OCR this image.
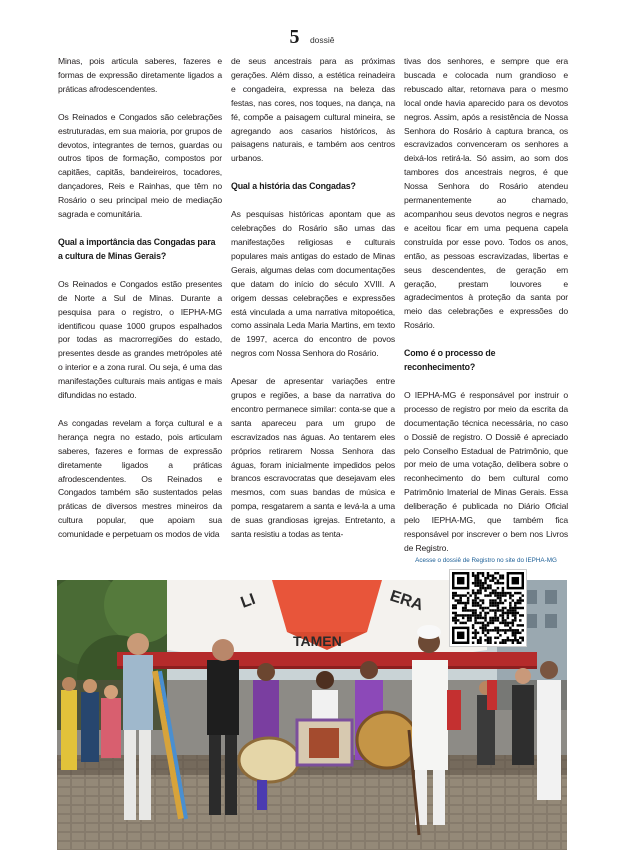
5 dossiê

Minas, pois articula saberes, fazeres e formas de expressão diretamente ligados a práticas afrodescendentes.

Os Reinados e Congados são celebrações estruturadas, em sua maioria, por grupos de devotos, integrantes de ternos, guardas ou outros tipos de formação, compostos por capitães, capitãs, bandeireiros, tocadores, dançadores, Reis e Rainhas, que têm no Rosário o seu principal meio de mediação sagrada e comunitária.

Qual a importância das Congadas para a cultura de Minas Gerais?

Os Reinados e Congados estão presentes de Norte a Sul de Minas. Durante a pesquisa para o registro, o IEPHA-MG identificou quase 1000 grupos espalhados por todas as macrorregiões do estado, presentes desde as grandes metrópoles até o interior e a zona rural. Ou seja, é uma das manifestações culturais mais antigas e mais difundidas no estado.

As congadas revelam a força cultural e a herança negra no estado, pois articulam saberes, fazeres e formas de expressão diretamente ligados a práticas afrodescendentes. Os Reinados e Congados também são sustentados pelas práticas de diversos mestres mineiros da cultura popular, que apoiam sua comunidade e perpetuam os modos de vida

de seus ancestrais para as próximas gerações. Além disso, a estética reinadeira e congadeira, expressa na beleza das festas, nas cores, nos toques, na dança, na fé, compõe a paisagem cultural mineira, se agregando aos casarios históricos, às paisagens naturais, e também aos centros urbanos.

Qual a história das Congadas?

As pesquisas históricas apontam que as celebrações do Rosário são umas das manifestações religiosas e culturais populares mais antigas do estado de Minas Gerais, algumas delas com documentações que datam do início do século XVIII. A origem dessas celebrações e expressões está vinculada a uma narrativa mitopoética, como assinala Leda Maria Martins, em texto de 1997, acerca do encontro de povos negros com Nossa Senhora do Rosário.

Apesar de apresentar variações entre grupos e regiões, a base da narrativa do encontro permanece similar: conta-se que a santa apareceu para um grupo de escravizados nas águas. Ao tentarem eles próprios retirarem Nossa Senhora das águas, foram inicialmente impedidos pelos brancos escravocratas que desejavam eles mesmos, com suas bandas de música e pompa, resgatarem a santa e levá-la a uma de suas grandiosas igrejas. Entretanto, a santa resistiu a todas as tenta-

tivas dos senhores, e sempre que era buscada e colocada num grandioso e rebuscado altar, retornava para o mesmo local onde havia aparecido para os devotos negros. Assim, após a resistência de Nossa Senhora do Rosário à captura branca, os escravizados convenceram os senhores a deixá-los retirá-la. Só assim, ao som dos tambores dos ancestrais negros, é que Nossa Senhora do Rosário atendeu permanentemente ao chamado, acompanhou seus devotos negros e negras e aceitou ficar em uma pequena capela construída por esse povo. Todos os anos, então, as pessoas escravizadas, libertas e seus descendentes, de geração em geração, prestam louvores e agradecimentos à proteção da santa por meio das celebrações e expressões do Rosário.

Como é o processo de reconhecimento?

O IEPHA-MG é responsável por instruir o processo de registro por meio da escrita da documentação técnica necessária, no caso o Dossiê de registro. O Dossiê é apreciado pelo Conselho Estadual de Patrimônio, que por meio de uma votação, delibera sobre o reconhecimento do bem cultural como Patrimônio Imaterial de Minas Gerais. Essa deliberação é publicada no Diário Oficial pelo IEPHA-MG, que também fica responsável por inscrever o bem nos Livros de Registro.

Acesse o dossiê de Registro no site do IEPHA-MG
LI	ERA
TAMEN
